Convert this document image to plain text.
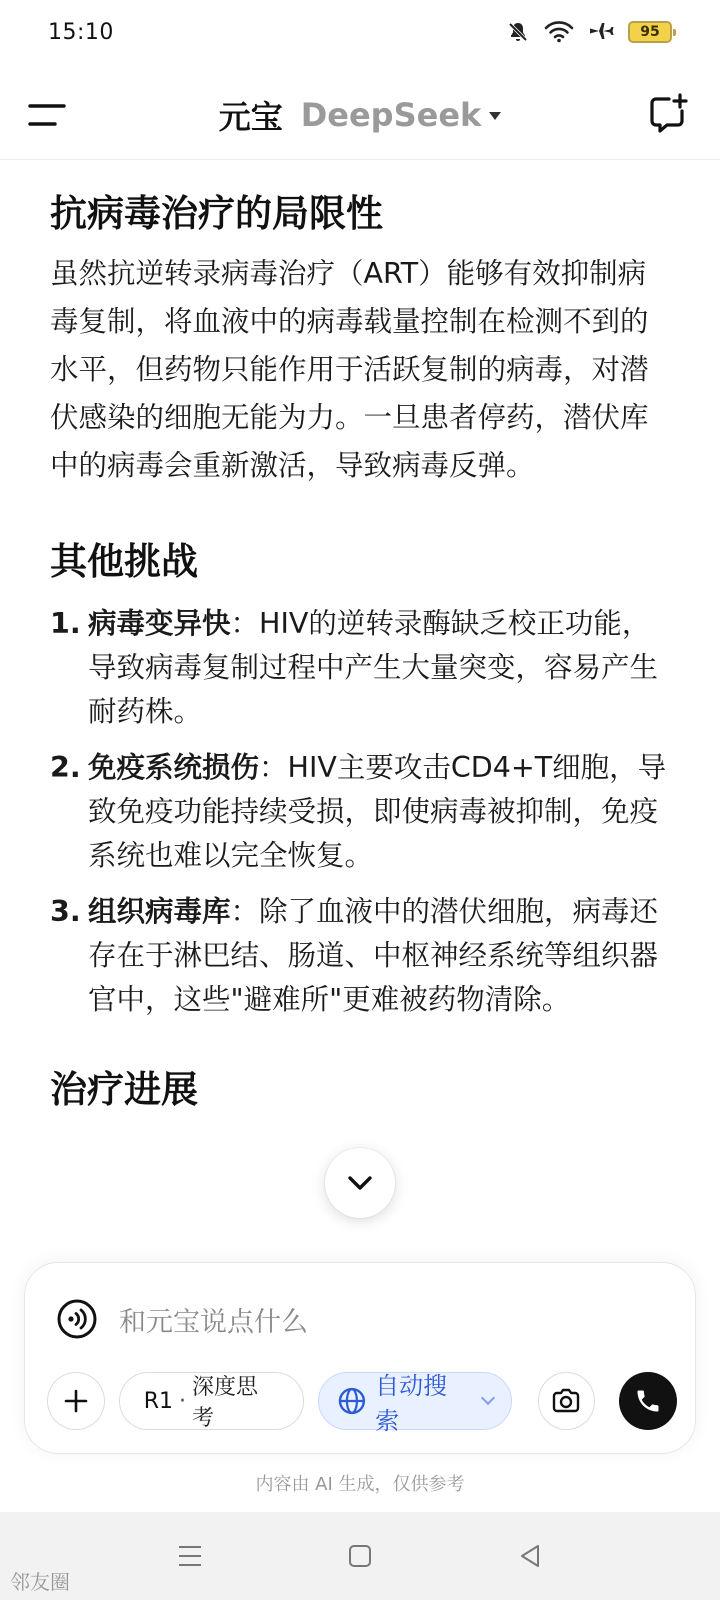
15:10	95
元宝 DeepSeek
抗病毒治疗的局限性

虽然抗逆转录病毒治疗（ART）能够有效抑制病毒复制，将血液中的病毒载量控制在检测不到的水平，但药物只能作用于活跃复制的病毒，对潜伏感染的细胞无能为力。一旦患者停药，潜伏库中的病毒会重新激活，导致病毒反弹。

其他挑战
1. 病毒变异快：HIV的逆转录酶缺乏校正功能，导致病毒复制过程中产生大量突变，容易产生耐药株。
2. 免疫系统损伤：HIV主要攻击CD4+T细胞，导致免疫功能持续受损，即使病毒被抑制，免疫系统也难以完全恢复。
3. 组织病毒库：除了血液中的潜伏细胞，病毒还存在于淋巴结、肠道、中枢神经系统等组织器官中，这些"避难所"更难被药物清除。
治疗进展
和元宝说点什么
R1 ·
深度思考
自动搜索
内容由 AI 生成，仅供参考
邻友圈
